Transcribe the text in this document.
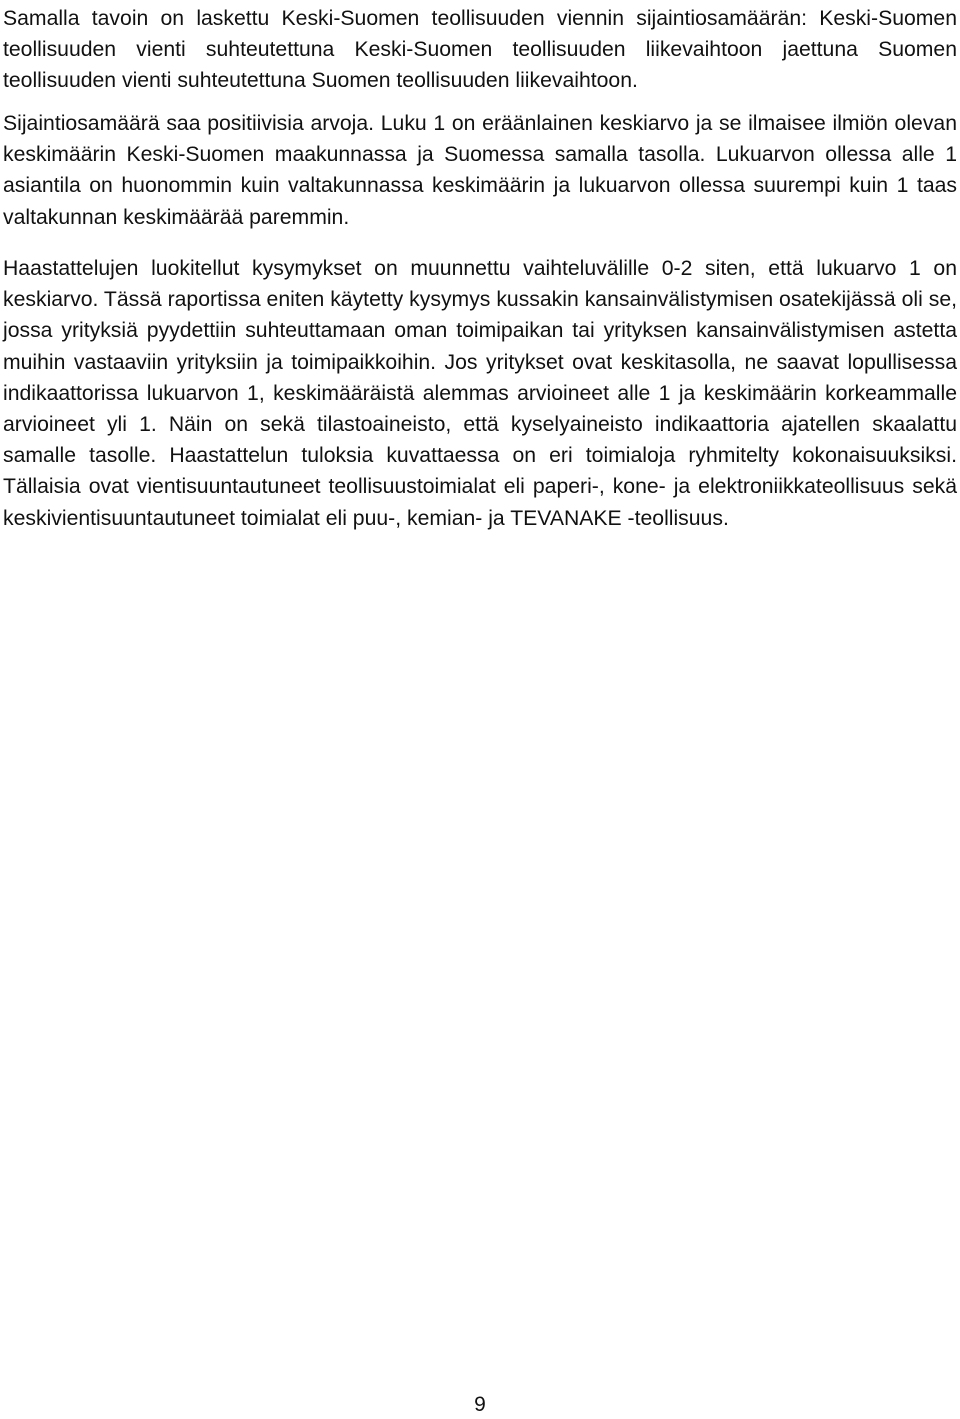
Samalla tavoin on laskettu Keski-Suomen teollisuuden viennin sijaintiosamäärän: Keski-Suomen teollisuuden vienti suhteutettuna Keski-Suomen teollisuuden liikevaihtoon jaettuna Suomen teollisuuden vienti suhteutettuna Suomen teollisuuden liikevaihtoon.

Sijaintiosamäärä saa positiivisia arvoja. Luku 1 on eräänlainen keskiarvo ja se ilmaisee ilmiön olevan keskimäärin Keski-Suomen maakunnassa ja Suomessa samalla tasolla. Lukuarvon ollessa alle 1 asiantila on huonommin kuin valtakunnassa keskimäärin ja lukuarvon ollessa suurempi kuin 1 taas valtakunnan keskimäärää paremmin.

Haastattelujen luokitellut kysymykset on muunnettu vaihteluvälille 0-2 siten, että lukuarvo 1 on keskiarvo. Tässä raportissa eniten käytetty kysymys kussakin kansainvälistymisen osatekijässä oli se, jossa yrityksiä pyydettiin suhteuttamaan oman toimipaikan tai yrityksen kansainvälistymisen astetta muihin vastaaviin yrityksiin ja toimipaikkoihin. Jos yritykset ovat keskitasolla, ne saavat lopullisessa indikaattorissa lukuarvon 1, keskimääräistä alemmas arvioineet alle 1 ja keskimäärin korkeammalle arvioineet yli 1. Näin on sekä tilastoaineisto, että kyselyaineisto indikaattoria ajatellen skaalattu samalle tasolle. Haastattelun tuloksia kuvattaessa on eri toimialoja ryhmitelty kokonaisuuksiksi. Tällaisia ovat vientisuuntautuneet teollisuustoimialat eli paperi-, kone- ja elektroniikkateollisuus sekä keskivientisuuntautuneet toimialat eli puu-, kemian- ja TEVANAKE -teollisuus.

9
